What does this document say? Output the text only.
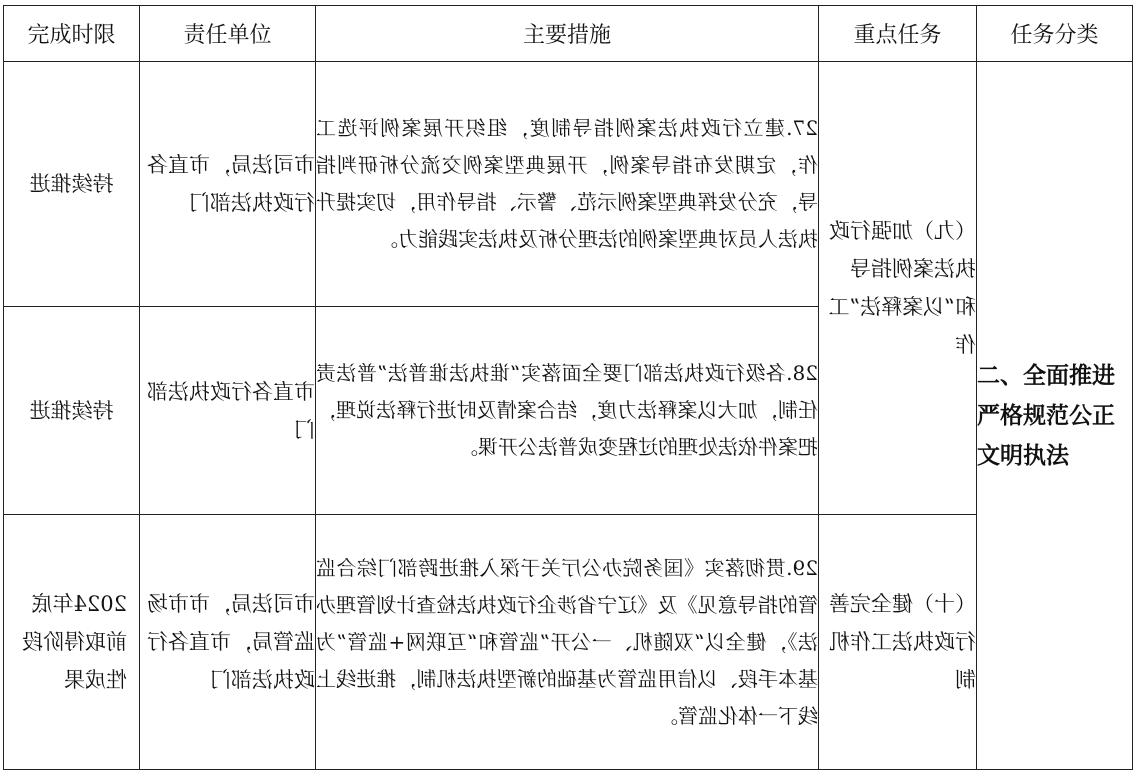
完成时限	责任单位	主要措施	重点任务	任务分类

持续推进	市司法局，市直各行政执法部门	27.建立行政执法案例指导制度，组织开展案例评选工作，定期发布指导案例，开展典型案例交流分析研判指导，充分发挥典型案例示范、警示、指导作用，切实提升执法人员对典型案例的法理分析及执法实践能力。	（九）加强行政执法案例指导和“以案释法”工作	二、全面推进严格规范公正文明执法

持续推进	市直各行政执法部门	28.各级行政执法部门要全面落实“谁执法谁普法”普法责任制，加大以案释法力度，结合案情及时进行释法说理，把案件依法处理的过程变成普法公开课。		

2024年底前取得阶段性成果	市司法局，市市场监管局，市直各行政执法部门	29.贯彻落实《国务院办公厅关于深入推进跨部门综合监管的指导意见》及《辽宁省涉企行政执法检查计划管理办法》，健全以“双随机、一公开”监管和“互联网+监管”为基本手段、以信用监管为基础的新型执法机制，推进线上线下一体化监管。	（十）健全完善行政执法工作机制	
